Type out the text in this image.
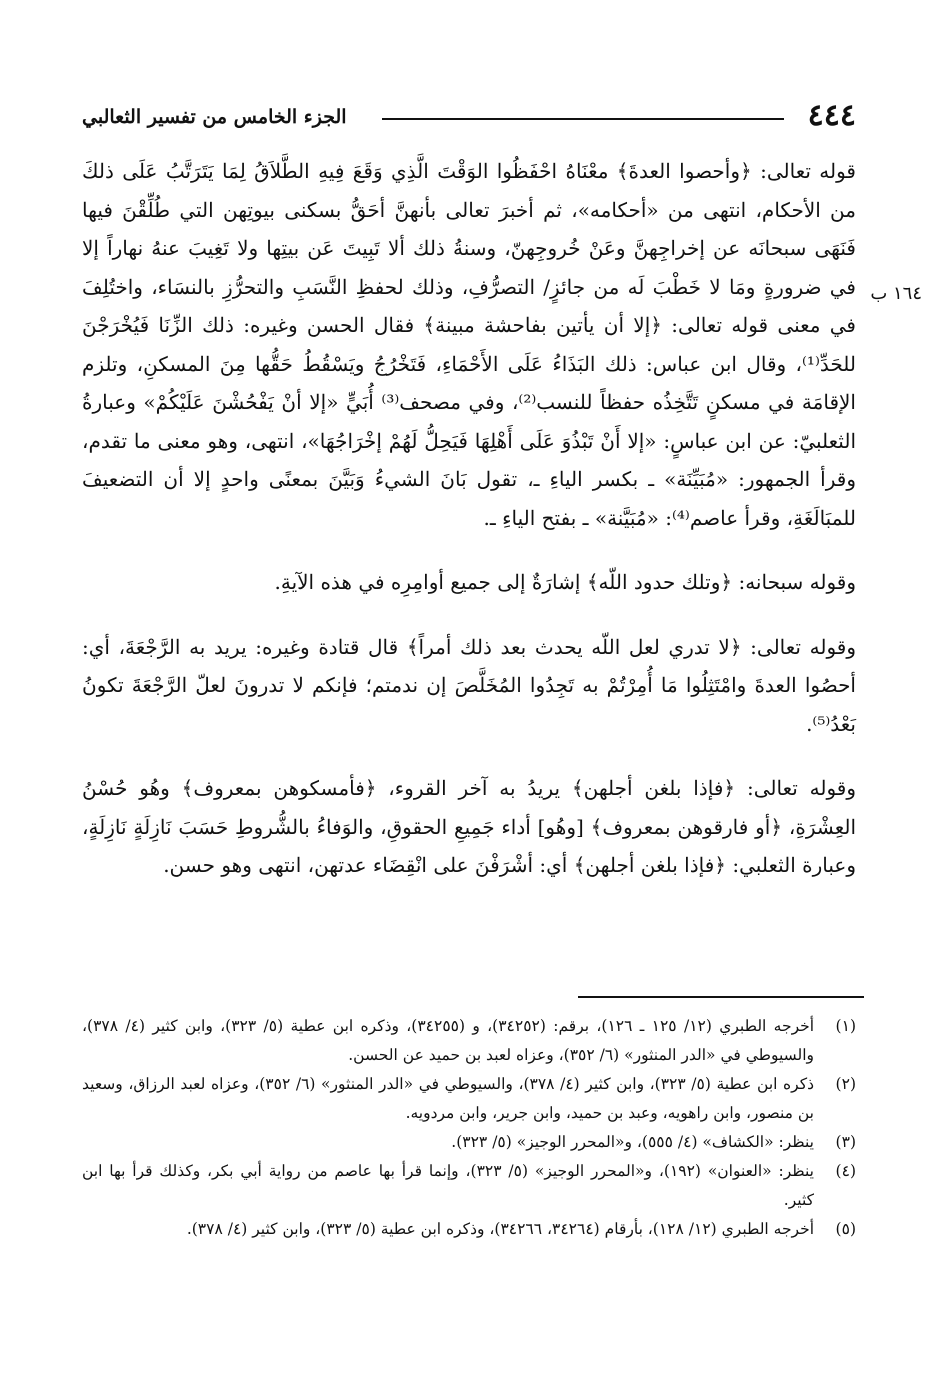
٤٤٤
الجزء الخامس من تفسير الثعالبي
١٦٤ ب

قوله تعالى: ﴿وأحصوا العدةَ﴾ معْنَاهُ احْفَظُوا الوَقْتَ الَّذِي وَقَعَ فِيهِ الطَّلاَقُ لِمَا يَتَرَتَّبُ عَلَى ذلكَ من الأحكام، انتهى من «أحكامه»، ثم أخبرَ تعالى بأنهنَّ أحَقُّ بسكنى بيوتِهن التي طُلِّقْنَ فيها فَنَهَى سبحانَه عن إخراجِهنَّ وعَنْ خُروجِهنّ، وسنةُ ذلك ألا تَبِيتَ عَن بيتِها ولا تَغِيبَ عنهُ نهاراً إلا في ضرورةٍ ومَا لا خَطْبَ لَه من جائزٍ/ التصرُّفِ، وذلك لحفظِ النَّسَبِ والتحرُّزِ بالنسَاء، واختُلِفَ في معنى قوله تعالى: ﴿إلا أن يأتين بفاحشة مبينة﴾ فقال الحسن وغيره: ذلك الزِّنَا فَيُخْرَجْنَ للحَدِّ⁽¹⁾، وقال ابن عباس: ذلك البَذَاءُ عَلَى الأَحْمَاءِ، فَتَخْرُجُ ويَسْقُطُ حَقُّها مِنَ المسكنِ، وتلزم الإقامَة في مسكنٍ تَتَّخِذُه حفظاً للنسب⁽²⁾، وفي مصحف⁽³⁾ أُبَيٍّ «إلا أنْ يَفْحُشْنَ عَلَيْكُمْ» وعبارةُ الثعلبيّ: عن ابن عباسٍ: «إلا أَنْ تَبْذُوَ عَلَى أَهْلِهَا فَيَحِلُّ لَهُمْ إخْرَاجُهَا»، انتهى، وهو معنى ما تقدم، وقرأ الجمهور: «مُبَيِّنَة» ـ بكسر الياءِ ـ، تقول بَانَ الشيءُ وَبَيَّنَ بمعنًى واحدٍ إلا أن التضعيفَ للمبَالَغَةِ، وقرأ عاصم⁽⁴⁾: «مُبَيَّنة» ـ بفتح الياءِ ـ.

وقوله سبحانه: ﴿وتلك حدود اللّه﴾ إشارَةٌ إلى جميع أوامِرِه في هذه الآيةِ.

وقوله تعالى: ﴿لا تدري لعل اللّه يحدث بعد ذلك أمراً﴾ قال قتادة وغيره: يريد به الرَّجْعَةَ، أي: أحصُوا العدةَ وامْتَثِلُوا مَا أُمِرْتُمْ به تَجِدُوا المُخَلَّصَ إن ندمتم؛ فإنكم لا تدرونَ لعلّ الرَّجْعَةَ تكونُ بَعْدُ⁽⁵⁾.

وقوله تعالى: ﴿فإذا بلغن أجلهن﴾ يريدُ به آخر القروء، ﴿فأمسكوهن بمعروف﴾ وهُو حُسْنُ العِشْرَةِ، ﴿أو فارقوهن بمعروف﴾ [وهُو] أداء جَمِيعِ الحقوقِ، والوَفاءُ بالشُّروطِ حَسَبَ نَازِلَةٍ نَازِلَةٍ، وعبارة الثعلبي: ﴿فإذا بلغن أجلهن﴾ أي: أشْرَفْنَ على انْقِضَاء عدتهن، انتهى وهو حسن.

(١)
أخرجه الطبري (١٢/ ١٢٥ ـ ١٢٦)، برقم: (٣٤٢٥٢)، و (٣٤٢٥٥)، وذكره ابن عطية (٥/ ٣٢٣)، وابن كثير (٤/ ٣٧٨)، والسيوطي في «الدر المنثور» (٦/ ٣٥٢)، وعزاه لعبد بن حميد عن الحسن.
(٢)
ذكره ابن عطية (٥/ ٣٢٣)، وابن كثير (٤/ ٣٧٨)، والسيوطي في «الدر المنثور» (٦/ ٣٥٢)، وعزاه لعبد الرزاق، وسعيد بن منصور، وابن راهويه، وعبد بن حميد، وابن جرير، وابن مردويه.
(٣)
ينظر: «الكشاف» (٤/ ٥٥٥)، و«المحرر الوجيز» (٥/ ٣٢٣).
(٤)
ينظر: «العنوان» (١٩٢)، و«المحرر الوجيز» (٥/ ٣٢٣)، وإنما قرأ بها عاصم من رواية أبي بكر، وكذلك قرأ بها ابن كثير.
(٥)
أخرجه الطبري (١٢/ ١٢٨)، بأرقام (٣٤٢٦٤، ٣٤٢٦٦)، وذكره ابن عطية (٥/ ٣٢٣)، وابن كثير (٤/ ٣٧٨).
